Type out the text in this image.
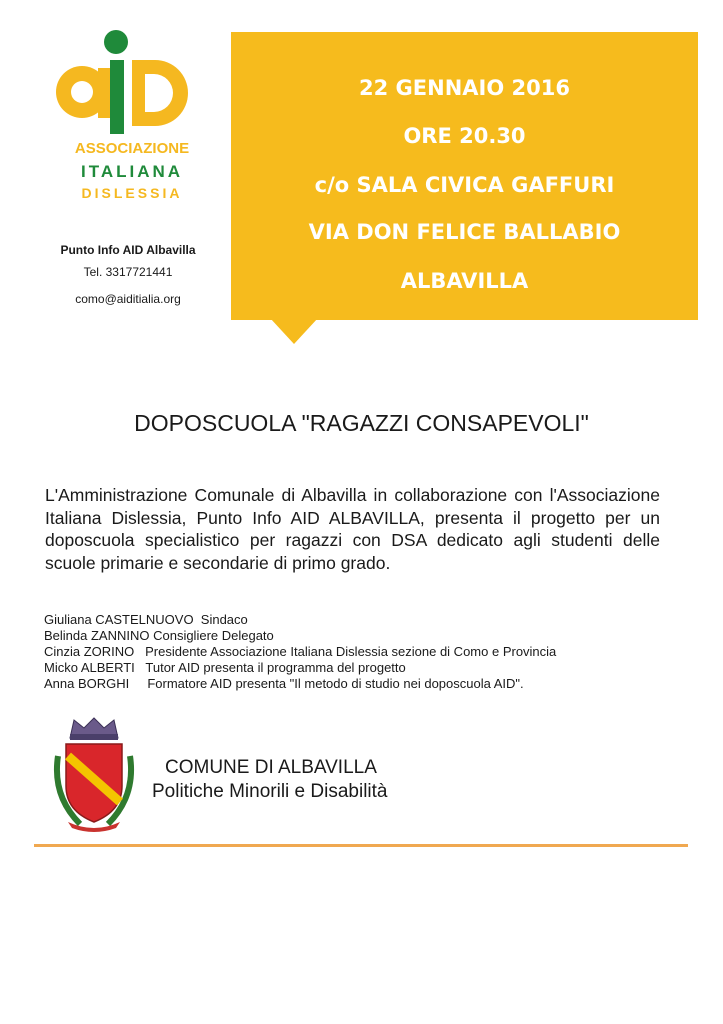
ASSOCIAZIONE
ITALIANA
DISLESSIA
Punto Info AID Albavilla
Tel. 3317721441
como@aiditialia.org
22 GENNAIO 2016
ORE 20.30
c/o SALA CIVICA GAFFURI
VIA DON FELICE BALLABIO
ALBAVILLA
DOPOSCUOLA "RAGAZZI CONSAPEVOLI"
L'Amministrazione Comunale di Albavilla in collaborazione con l'Associazione Italiana Dislessia, Punto Info AID ALBAVILLA, presenta il progetto per un doposcuola specialistico per ragazzi con DSA dedicato agli studenti delle scuole primarie e secondarie di primo grado.
Giuliana CASTELNUOVO  Sindaco
Belinda ZANNINO Consigliere Delegato
Cinzia ZORINO   Presidente Associazione Italiana Dislessia sezione di Como e Provincia
Micko ALBERTI   Tutor AID presenta il programma del progetto
Anna BORGHI     Formatore AID presenta "Il metodo di studio nei doposcuola AID".
COMUNE DI ALBAVILLA
Politiche Minorili e Disabilità
